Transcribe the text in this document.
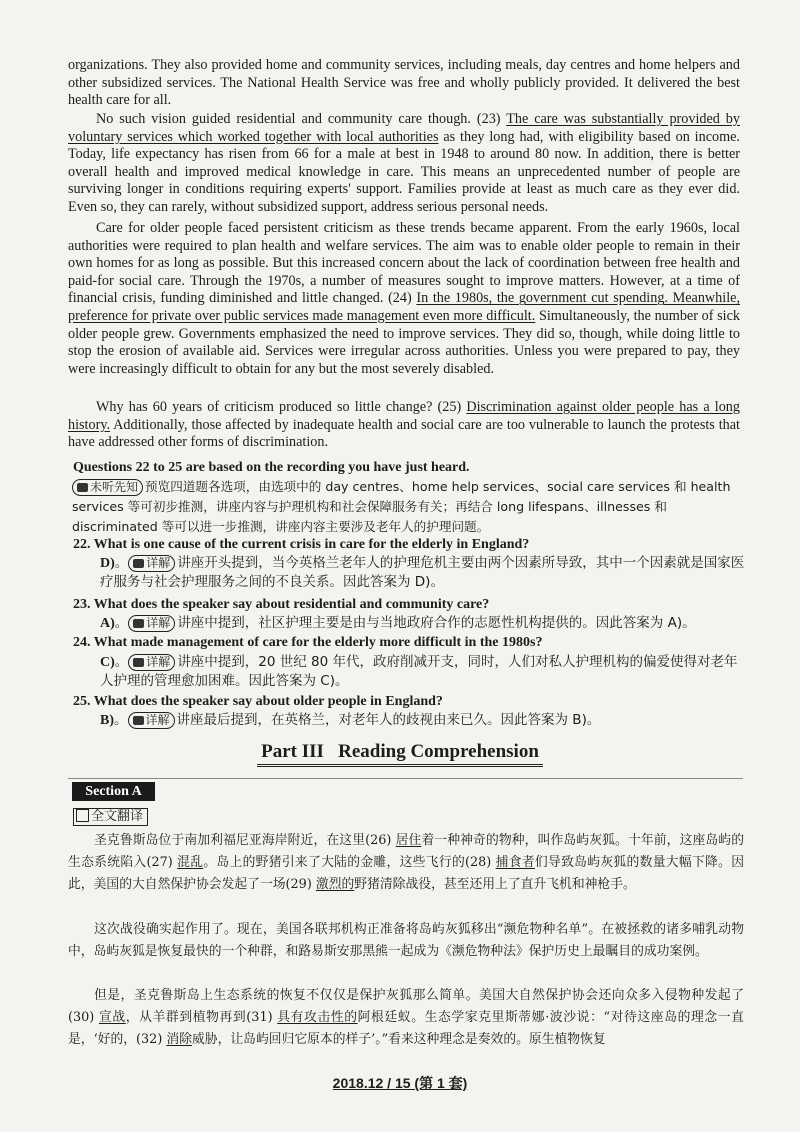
organizations. They also provided home and community services, including meals, day centres and home helpers and other subsidized services. The National Health Service was free and wholly publicly provided. It delivered the best health care for all.

No such vision guided residential and community care though. (23) The care was substantially provided by voluntary services which worked together with local authorities as they long had, with eligibility based on income. Today, life expectancy has risen from 66 for a male at best in 1948 to around 80 now. In addition, there is better overall health and improved medical knowledge in care. This means an unprecedented number of people are surviving longer in conditions requiring experts' support. Families provide at least as much care as they ever did. Even so, they can rarely, without subsidized support, address serious personal needs.

Care for older people faced persistent criticism as these trends became apparent. From the early 1960s, local authorities were required to plan health and welfare services. The aim was to enable older people to remain in their own homes for as long as possible. But this increased concern about the lack of coordination between free health and paid-for social care. Through the 1970s, a number of measures sought to improve matters. However, at a time of financial crisis, funding diminished and little changed. (24) In the 1980s, the government cut spending. Meanwhile, preference for private over public services made management even more difficult. Simultaneously, the number of sick older people grew. Governments emphasized the need to improve services. They did so, though, while doing little to stop the erosion of available aid. Services were irregular across authorities. Unless you were prepared to pay, they were increasingly difficult to obtain for any but the most severely disabled.

Why has 60 years of criticism produced so little change? (25) Discrimination against older people has a long history. Additionally, those affected by inadequate health and social care are too vulnerable to launch the protests that have addressed other forms of discrimination.

Questions 22 to 25 are based on the recording you have just heard.

未听先知 预览四道题各选项，由选项中的 day centres、home help services、social care services 和 health services 等可初步推测，讲座内容与护理机构和社会保障服务有关；再结合 long lifespans、illnesses 和 discriminated 等可以进一步推测，讲座内容主要涉及老年人的护理问题。

22. What is one cause of the current crisis in care for the elderly in England?

D)。 详解 讲座开头提到，当今英格兰老年人的护理危机主要由两个因素所导致，其中一个因素就是国家医疗服务与社会护理服务之间的不良关系。因此答案为 D)。

23. What does the speaker say about residential and community care?

A)。 详解 讲座中提到，社区护理主要是由与当地政府合作的志愿性机构提供的。因此答案为 A)。

24. What made management of care for the elderly more difficult in the 1980s?

C)。 详解 讲座中提到，20 世纪 80 年代，政府削减开支，同时，人们对私人护理机构的偏爱使得对老年人护理的管理愈加困难。因此答案为 C)。

25. What does the speaker say about older people in England?

B)。 详解 讲座最后提到，在英格兰，对老年人的歧视由来已久。因此答案为 B)。

Part III   Reading Comprehension

Section A
全文翻译

圣克鲁斯岛位于南加利福尼亚海岸附近，在这里(26) 居住着一种神奇的物种，叫作岛屿灰狐。十年前，这座岛屿的生态系统陷入(27) 混乱。岛上的野猪引来了大陆的金雕，这些飞行的(28) 捕食者们导致岛屿灰狐的数量大幅下降。因此，美国的大自然保护协会发起了一场(29) 激烈的野猪清除战役，甚至还用上了直升飞机和神枪手。

这次战役确实起作用了。现在，美国各联邦机构正准备将岛屿灰狐移出“濒危物种名单”。在被拯救的诸多哺乳动物中，岛屿灰狐是恢复最快的一个种群，和路易斯安那黑熊一起成为《濒危物种法》保护历史上最瞩目的成功案例。

但是，圣克鲁斯岛上生态系统的恢复不仅仅是保护灰狐那么简单。美国大自然保护协会还向众多入侵物种发起了(30) 宣战，从羊群到植物再到(31) 具有攻击性的阿根廷蚁。生态学家克里斯蒂娜·波沙说：“对待这座岛的理念一直是，‘好的，(32) 消除威胁，让岛屿回归它原本的样子’。”看来这种理念是奏效的。原生植物恢复

2018.12 / 15 (第 1 套)
